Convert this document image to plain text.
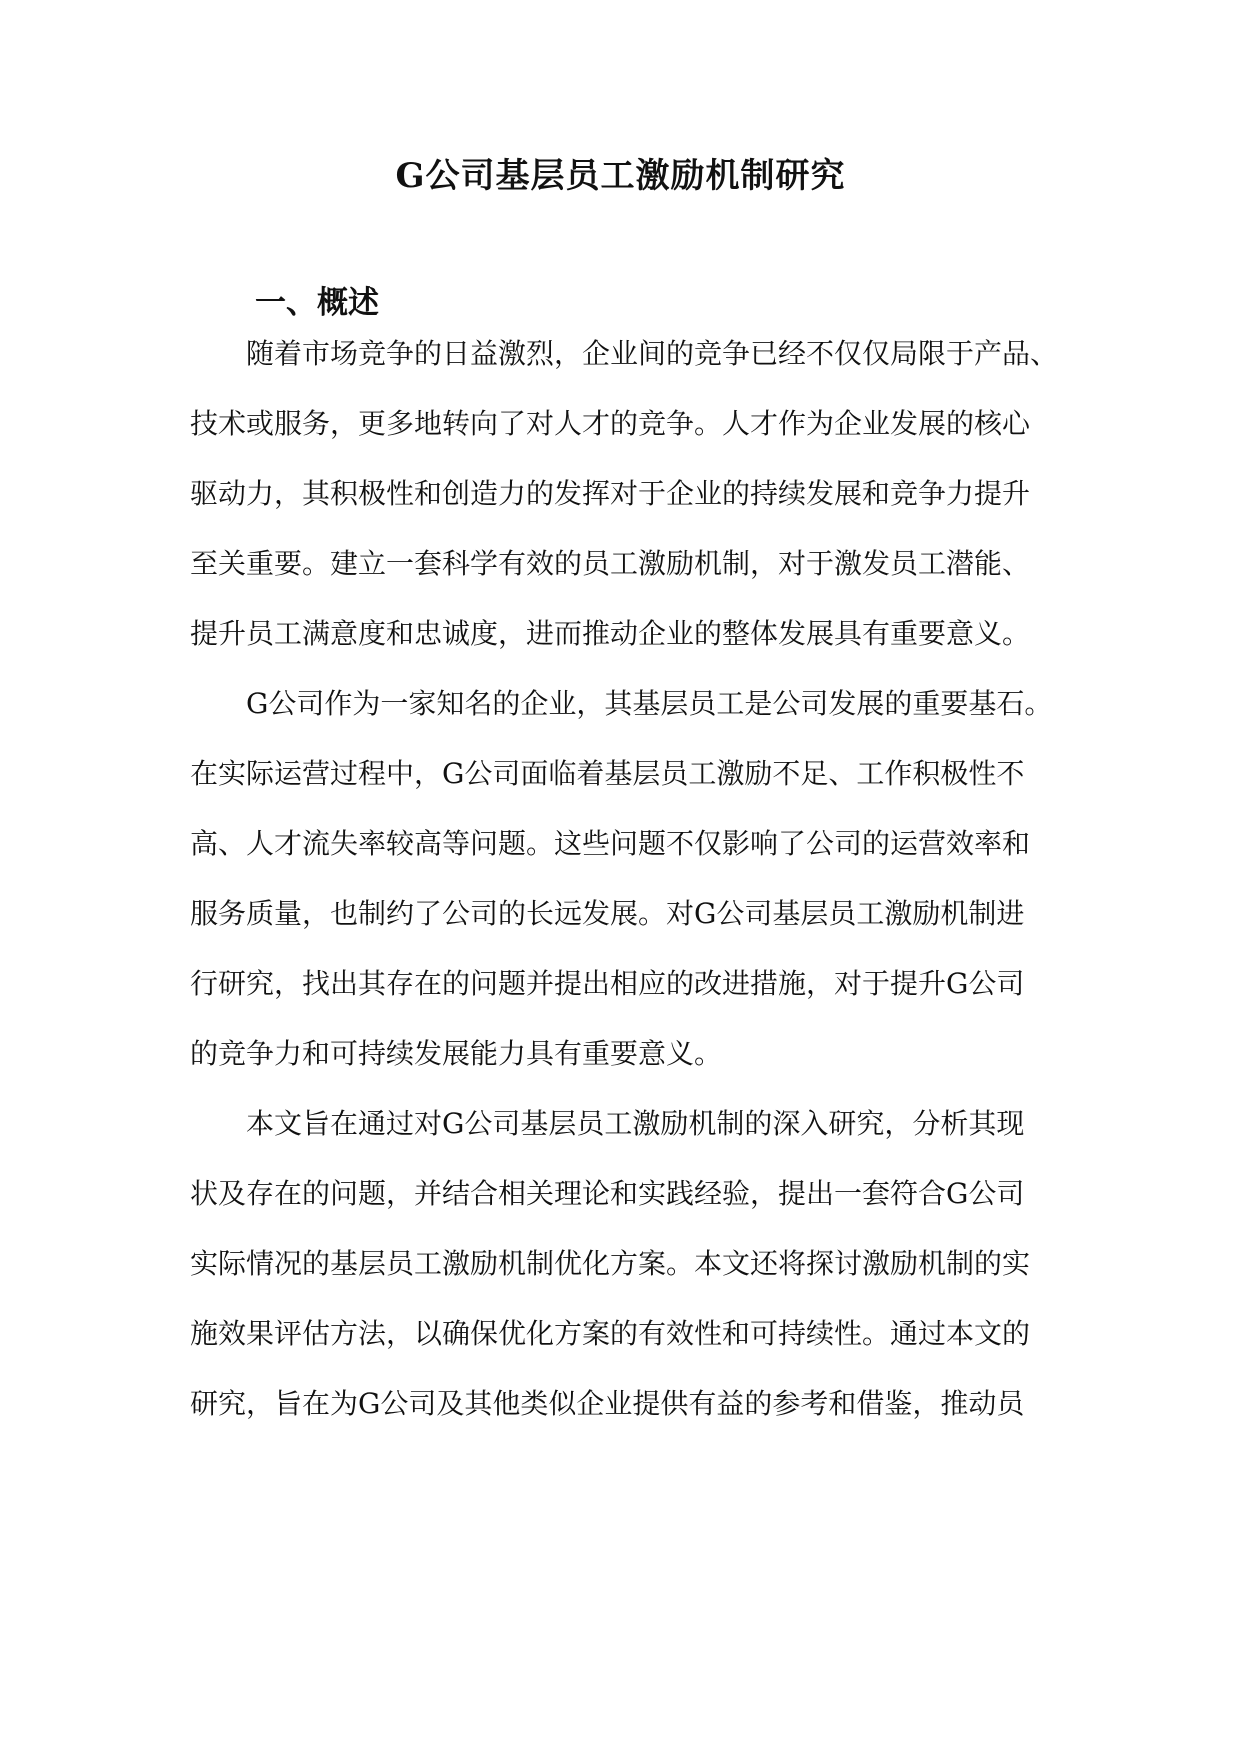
G公司基层员工激励机制研究
一、概述
随着市场竞争的日益激烈，企业间的竞争已经不仅仅局限于产品、
技术或服务，更多地转向了对人才的竞争。人才作为企业发展的核心
驱动力，其积极性和创造力的发挥对于企业的持续发展和竞争力提升
至关重要。建立一套科学有效的员工激励机制，对于激发员工潜能、
提升员工满意度和忠诚度，进而推动企业的整体发展具有重要意义。
G公司作为一家知名的企业，其基层员工是公司发展的重要基石。
在实际运营过程中，G公司面临着基层员工激励不足、工作积极性不
高、人才流失率较高等问题。这些问题不仅影响了公司的运营效率和
服务质量，也制约了公司的长远发展。对G公司基层员工激励机制进
行研究，找出其存在的问题并提出相应的改进措施，对于提升G公司
的竞争力和可持续发展能力具有重要意义。
本文旨在通过对G公司基层员工激励机制的深入研究，分析其现
状及存在的问题，并结合相关理论和实践经验，提出一套符合G公司
实际情况的基层员工激励机制优化方案。本文还将探讨激励机制的实
施效果评估方法，以确保优化方案的有效性和可持续性。通过本文的
研究，旨在为G公司及其他类似企业提供有益的参考和借鉴，推动员
